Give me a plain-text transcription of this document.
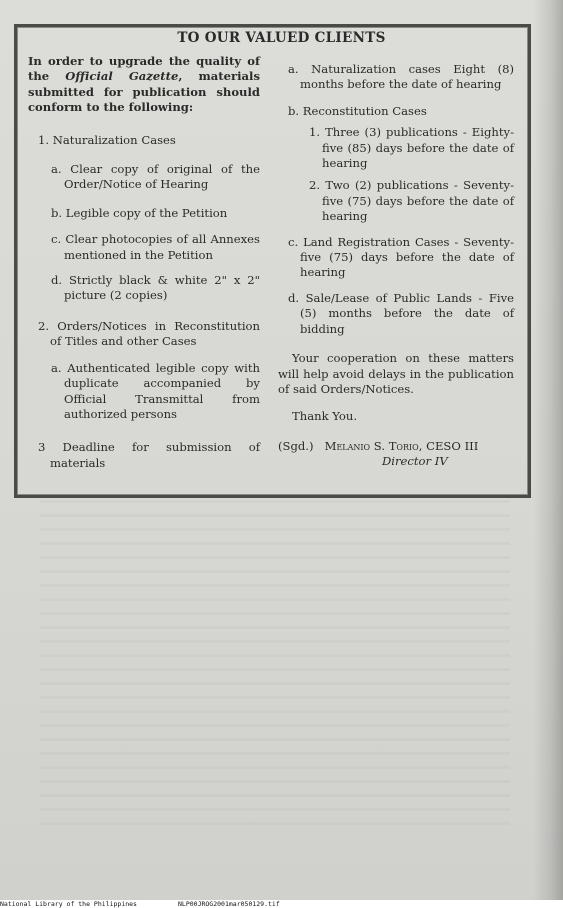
TO OUR VALUED CLIENTS

In order to upgrade the quality of the Official Gazette, materials submitted for publication should conform to the following:

1. Naturalization Cases

a. Clear copy of original of the Order/Notice of Hearing

b. Legible copy of the Petition

c. Clear photocopies of all Annexes mentioned in the Petition

d. Strictly black & white 2" x 2" picture (2 copies)

2. Orders/Notices in Reconstitution of Titles and other Cases

a. Authenticated legible copy with duplicate accompanied by Official Transmittal from authorized persons

3 Deadline for submission of materials

a. Naturalization cases Eight (8) months before the date of hearing

b. Reconstitution Cases

1. Three (3) publications - Eighty-five (85) days before the date of hearing

2. Two (2) publications - Seventy-five (75) days before the date of hearing

c. Land Registration Cases - Seventy-five (75) days before the date of hearing

d. Sale/Lease of Public Lands - Five (5) months before the date of bidding

Your cooperation on these matters will help avoid delays in the publication of said Orders/Notices.

Thank You.

(Sgd.) Melanio S. Torio, CESO III

Director IV

National Library of the Philippines	NLP00JROG2001mar050129.tif
